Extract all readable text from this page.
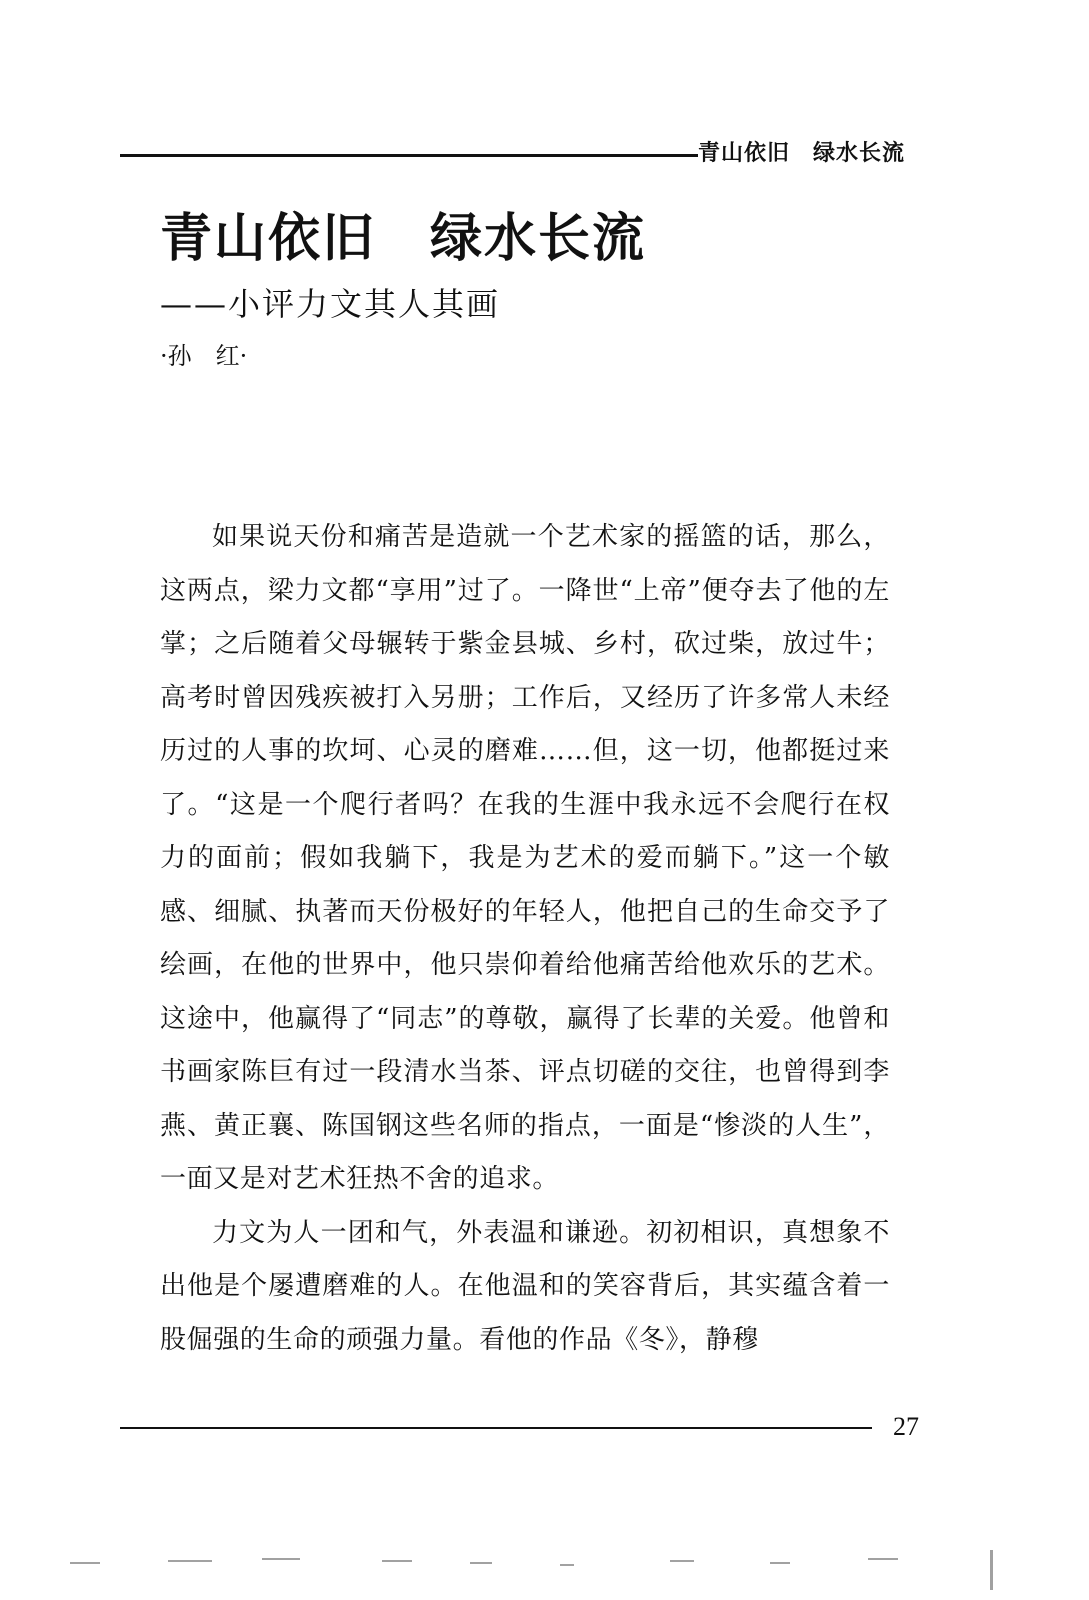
青山依旧　绿水长流
青山依旧　绿水长流
——小评力文其人其画
·孙　红·

如果说天份和痛苦是造就一个艺术家的摇篮的话，那么，这两点，梁力文都“享用”过了。一降世“上帝”便夺去了他的左掌；之后随着父母辗转于紫金县城、乡村，砍过柴，放过牛；高考时曾因残疾被打入另册；工作后，又经历了许多常人未经历过的人事的坎坷、心灵的磨难……但，这一切，他都挺过来了。“这是一个爬行者吗？在我的生涯中我永远不会爬行在权力的面前；假如我躺下，我是为艺术的爱而躺下。”这一个敏感、细腻、执著而天份极好的年轻人，他把自己的生命交予了绘画，在他的世界中，他只崇仰着给他痛苦给他欢乐的艺术。这途中，他赢得了“同志”的尊敬，赢得了长辈的关爱。他曾和书画家陈巨有过一段清水当茶、评点切磋的交往，也曾得到李燕、黄正襄、陈国钢这些名师的指点，一面是“惨淡的人生”，一面又是对艺术狂热不舍的追求。

力文为人一团和气，外表温和谦逊。初初相识，真想象不出他是个屡遭磨难的人。在他温和的笑容背后，其实蕴含着一股倔强的生命的顽强力量。看他的作品《冬》，静穆

27
